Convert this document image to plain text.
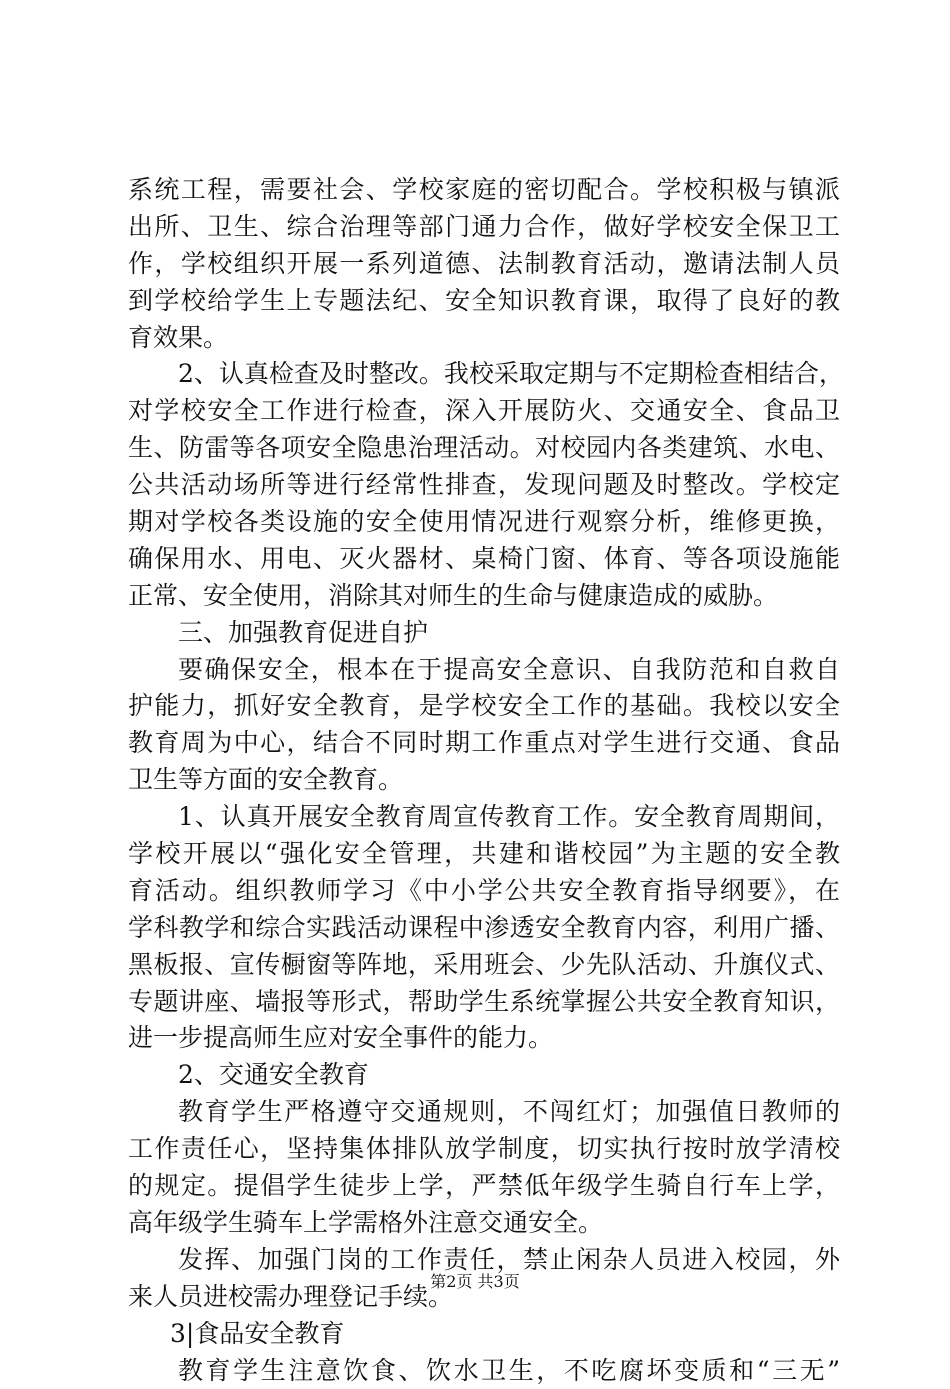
系统工程，需要社会、学校家庭的密切配合。学校积极与镇派
出所、卫生、综合治理等部门通力合作，做好学校安全保卫工
作，学校组织开展一系列道德、法制教育活动，邀请法制人员
到学校给学生上专题法纪、安全知识教育课，取得了良好的教
育效果。
2、认真检查及时整改。我校采取定期与不定期检查相结合，
对学校安全工作进行检查，深入开展防火、交通安全、食品卫
生、防雷等各项安全隐患治理活动。对校园内各类建筑、水电、
公共活动场所等进行经常性排查，发现问题及时整改。学校定
期对学校各类设施的安全使用情况进行观察分析，维修更换，
确保用水、用电、灭火器材、桌椅门窗、体育、等各项设施能
正常、安全使用，消除其对师生的生命与健康造成的威胁。
三、加强教育促进自护
要确保安全，根本在于提高安全意识、自我防范和自救自
护能力，抓好安全教育，是学校安全工作的基础。我校以安全
教育周为中心，结合不同时期工作重点对学生进行交通、食品
卫生等方面的安全教育。
1、认真开展安全教育周宣传教育工作。安全教育周期间，
学校开展以“强化安全管理，共建和谐校园”为主题的安全教
育活动。组织教师学习《中小学公共安全教育指导纲要》，在
学科教学和综合实践活动课程中渗透安全教育内容，利用广播、
黑板报、宣传橱窗等阵地，采用班会、少先队活动、升旗仪式、
专题讲座、墙报等形式，帮助学生系统掌握公共安全教育知识，
进一步提高师生应对安全事件的能力。
2、交通安全教育
教育学生严格遵守交通规则，不闯红灯；加强值日教师的
工作责任心，坚持集体排队放学制度，切实执行按时放学清校
的规定。提倡学生徒步上学，严禁低年级学生骑自行车上学，
高年级学生骑车上学需格外注意交通安全。
发挥、加强门岗的工作责任，禁止闲杂人员进入校园，外
来人员进校需办理登记手续。
3|食品安全教育
教育学生注意饮食、饮水卫生，不吃腐坏变质和“三无”
第2页 共3页
